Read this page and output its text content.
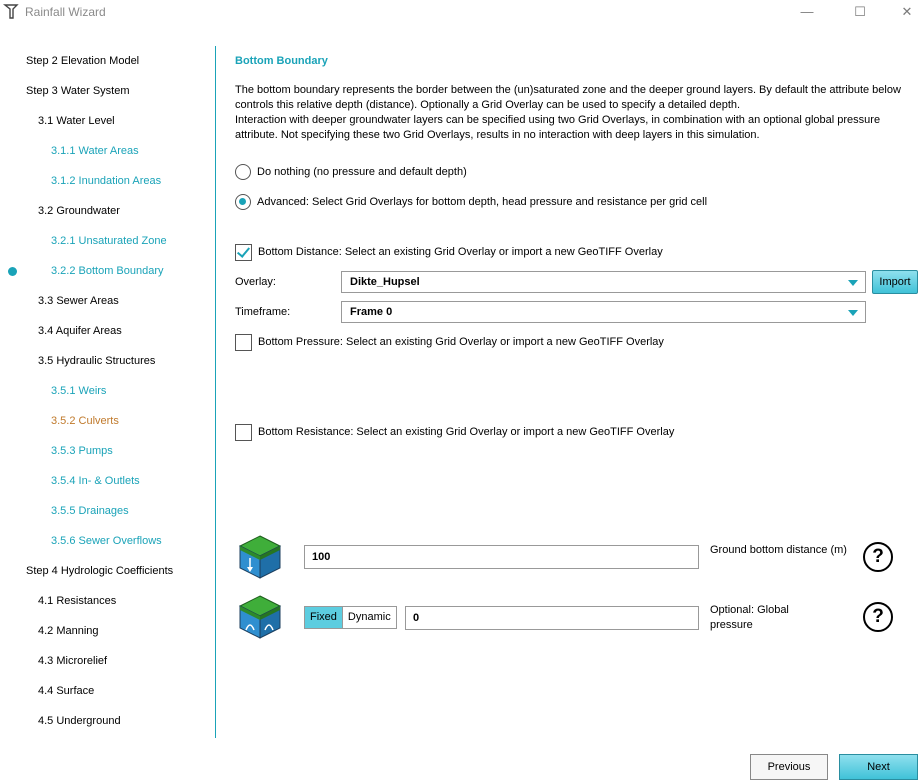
Rainfall Wizard	—	☐	✕
Step 2 Elevation Model
Step 3 Water System
3.1 Water Level
3.1.1 Water Areas
3.1.2 Inundation Areas
3.2 Groundwater
3.2.1 Unsaturated Zone
3.2.2 Bottom Boundary
3.3 Sewer Areas
3.4 Aquifer Areas
3.5 Hydraulic Structures
3.5.1 Weirs
3.5.2 Culverts
3.5.3 Pumps
3.5.4 In- & Outlets
3.5.5 Drainages
3.5.6 Sewer Overflows
Step 4 Hydrologic Coefficients
4.1 Resistances
4.2 Manning
4.3 Microrelief
4.4 Surface
4.5 Underground
Bottom Boundary

The bottom boundary represents the border between the (un)saturated zone and the deeper ground layers. By default the attribute below controls this relative depth (distance). Optionally a Grid Overlay can be used to specify a detailed depth.

Interaction with deeper groundwater layers can be specified using two Grid Overlays, in combination with an optional global pressure attribute. Not specifying these two Grid Overlays, results in no interaction with deep layers in this simulation.

Do nothing (no pressure and default depth)
Advanced: Select Grid Overlays for bottom depth, head pressure and resistance per grid cell
Bottom Distance: Select an existing Grid Overlay or import a new GeoTIFF Overlay
Overlay:	Dikte_Hupsel	Import
Timeframe:	Frame 0
Bottom Pressure: Select an existing Grid Overlay or import a new GeoTIFF Overlay
Bottom Resistance: Select an existing Grid Overlay or import a new GeoTIFF Overlay
100
Ground bottom distance (m)	?
Fixed	Dynamic	0
Optional: Global pressure	?
Previous	Next
